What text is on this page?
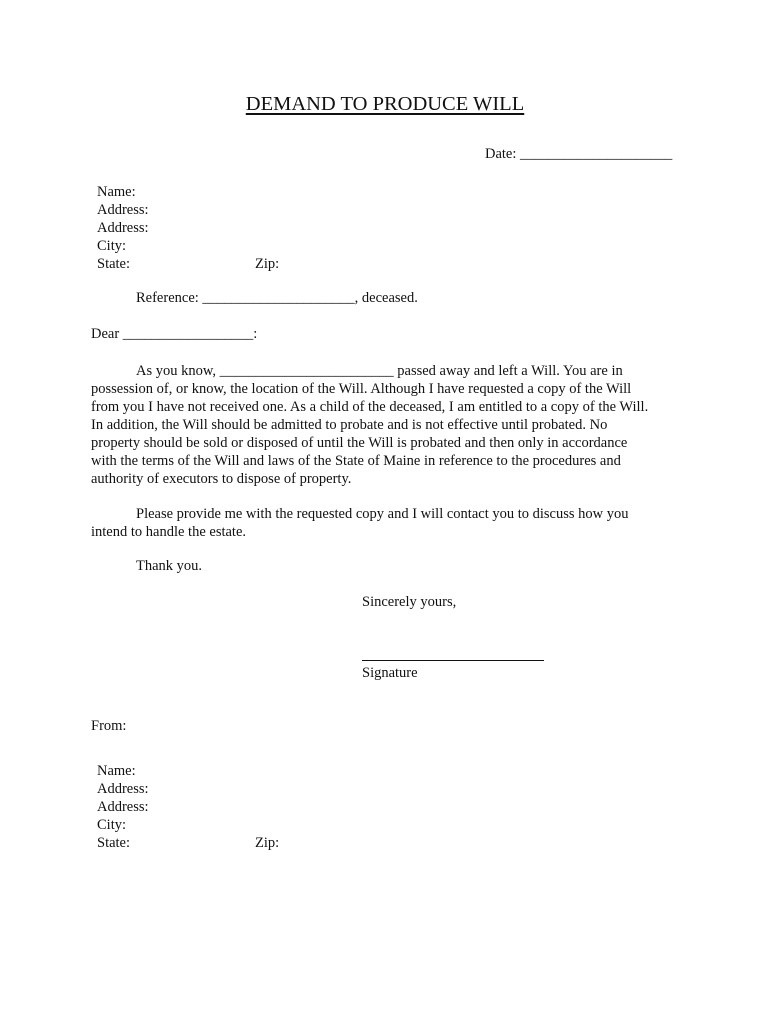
DEMAND TO PRODUCE WILL
Date: _____________________
Name:
Address:
Address:
City:
State:	Zip:
Reference: _____________________, deceased.
Dear __________________:
As you know, ________________________ passed away and left a Will. You are in
possession of, or know, the location of the Will. Although I have requested a copy of the Will
from you I have not received one. As a child of the deceased, I am entitled to a copy of the Will.
In addition, the Will should be admitted to probate and is not effective until probated. No
property should be sold or disposed of until the Will is probated and then only in accordance
with the terms of the Will and laws of the State of Maine in reference to the procedures and
authority of executors to dispose of property.
Please provide me with the requested copy and I will contact you to discuss how you
intend to handle the estate.
Thank you.
Sincerely yours,
Signature
From:
Name:
Address:
Address:
City:
State:	Zip:
